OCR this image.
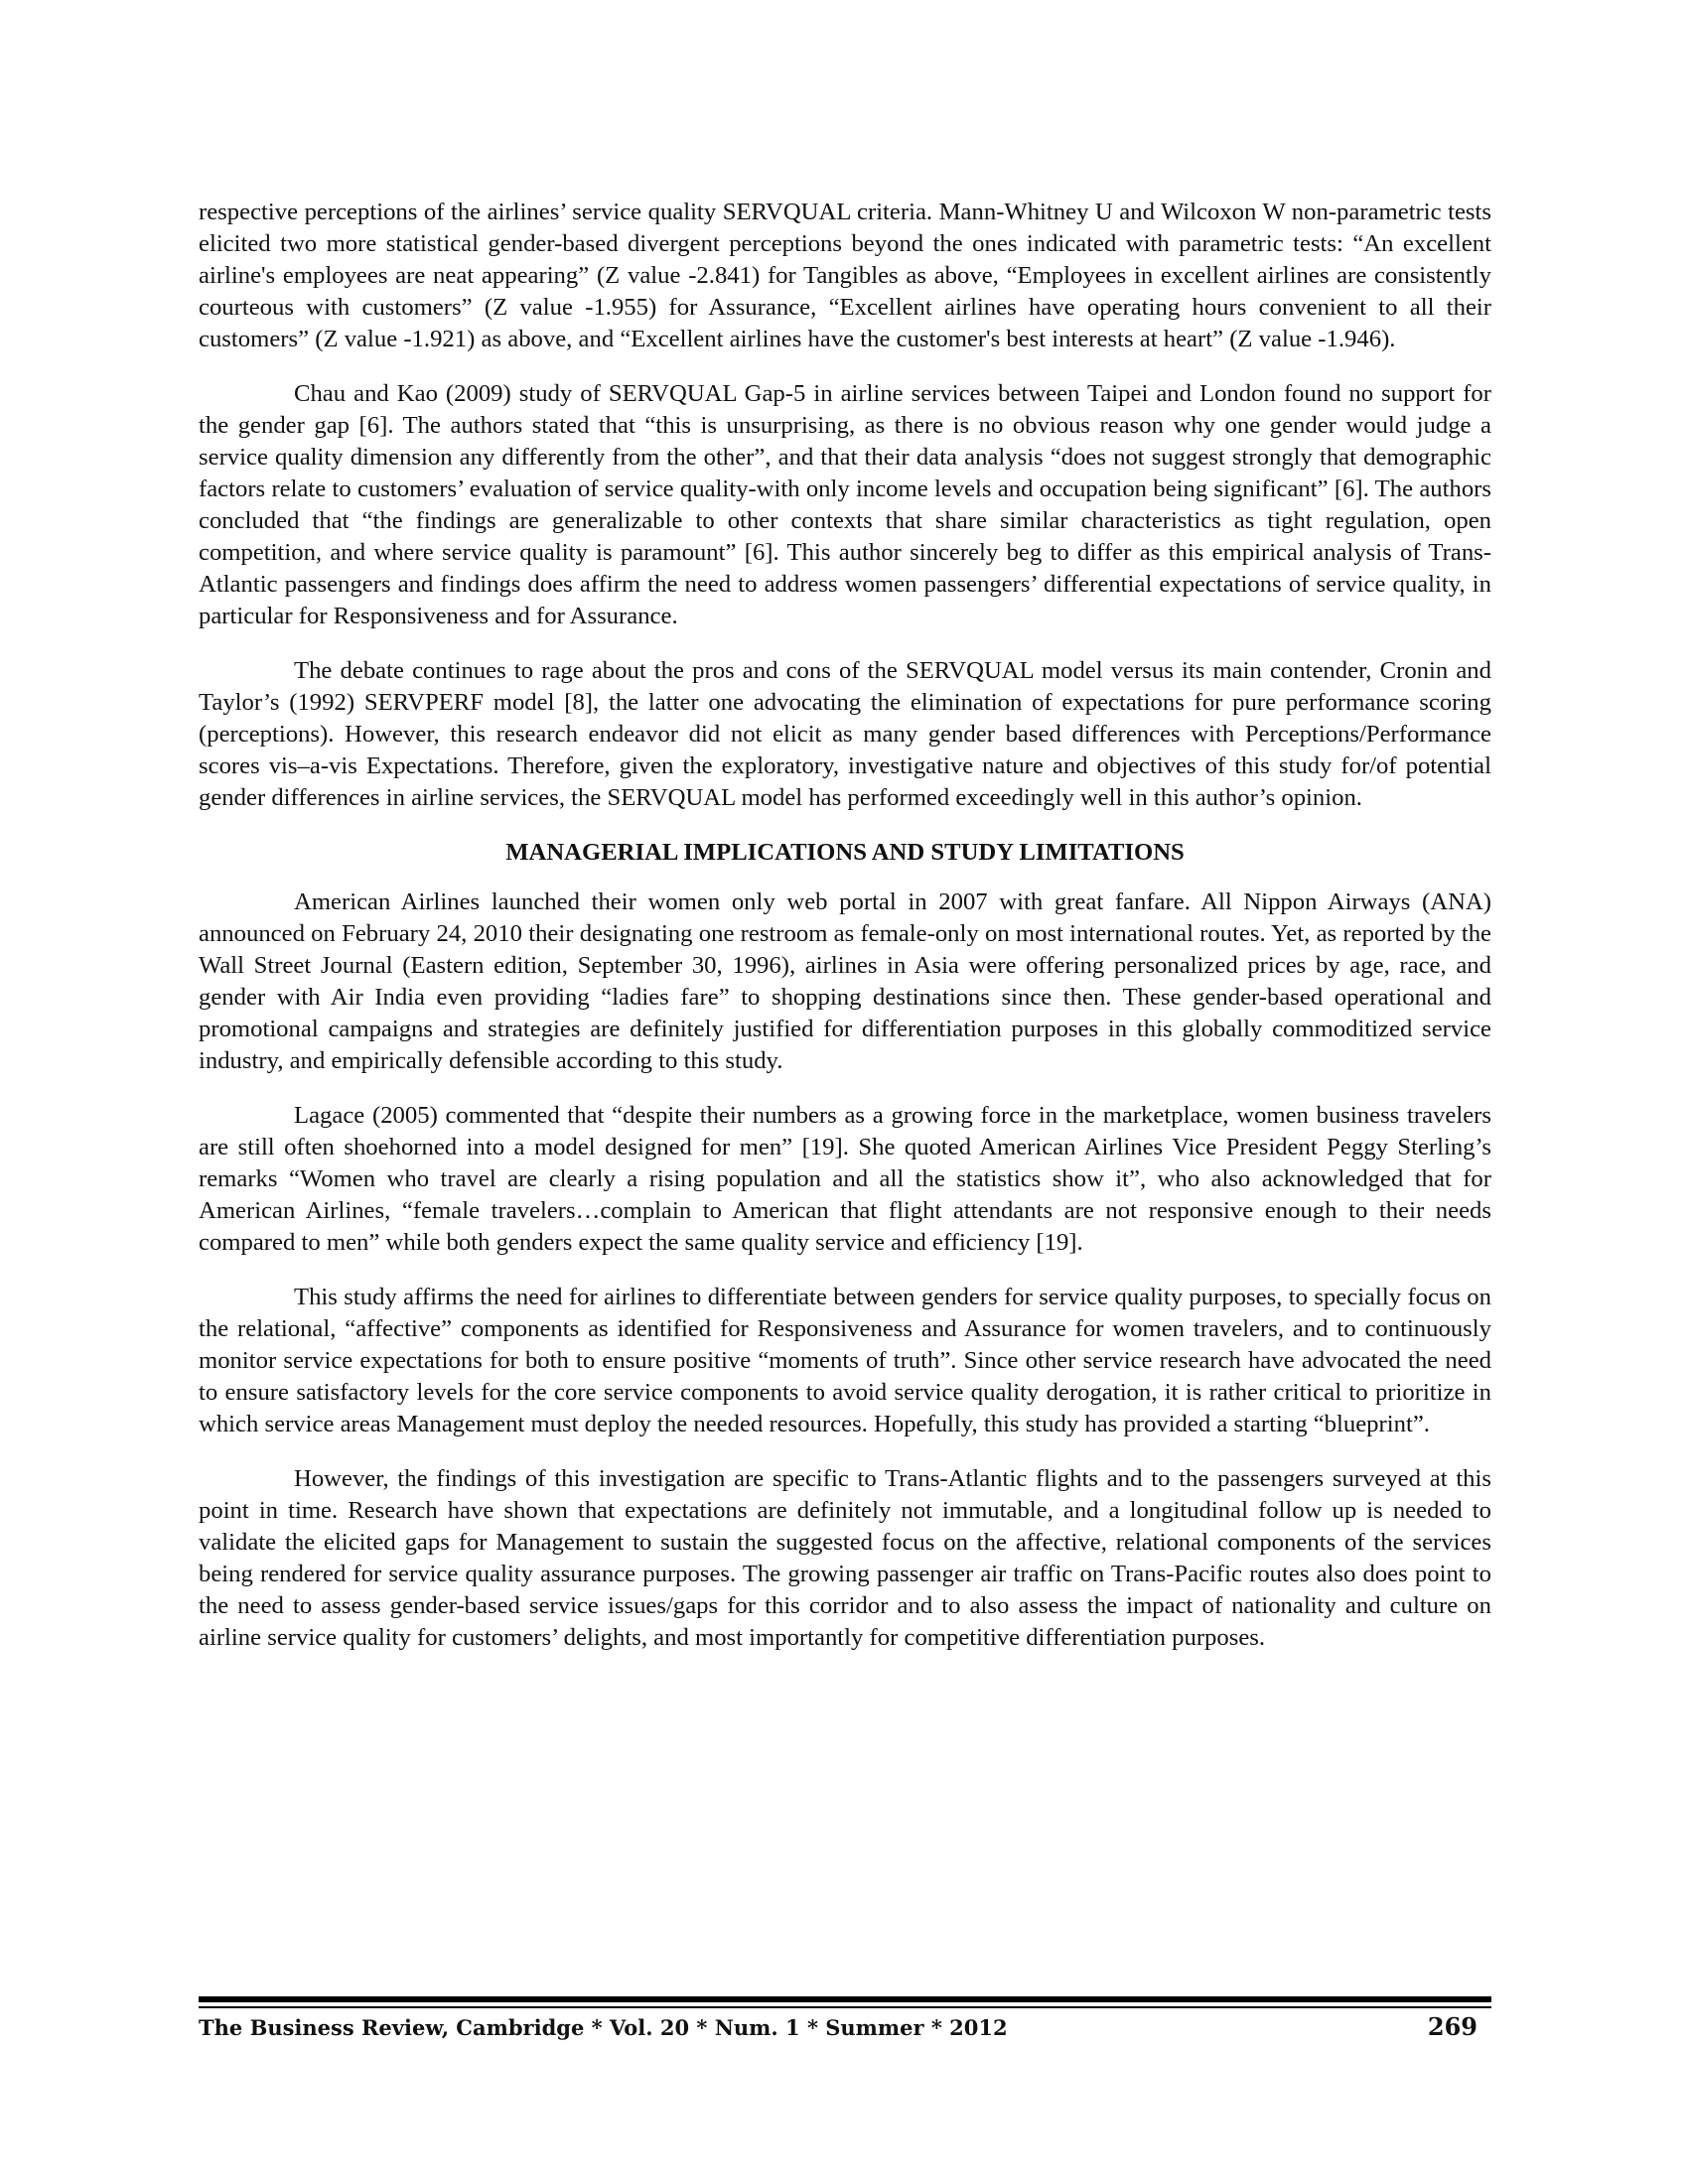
respective perceptions of the airlines’ service quality SERVQUAL criteria. Mann-Whitney U and Wilcoxon W non-parametric tests elicited two more statistical gender-based divergent perceptions beyond the ones indicated with parametric tests: “An excellent airline's employees are neat appearing” (Z value -2.841) for Tangibles as above, “Employees in excellent airlines are consistently courteous with customers” (Z value -1.955) for Assurance, “Excellent airlines have operating hours convenient to all their customers” (Z value -1.921) as above, and “Excellent airlines have the customer's best interests at heart” (Z value -1.946).

Chau and Kao (2009) study of SERVQUAL Gap-5 in airline services between Taipei and London found no support for the gender gap [6]. The authors stated that “this is unsurprising, as there is no obvious reason why one gender would judge a service quality dimension any differently from the other”, and that their data analysis “does not suggest strongly that demographic factors relate to customers’ evaluation of service quality-with only income levels and occupation being significant” [6]. The authors concluded that “the findings are generalizable to other contexts that share similar characteristics as tight regulation, open competition, and where service quality is paramount” [6]. This author sincerely beg to differ as this empirical analysis of Trans-Atlantic passengers and findings does affirm the need to address women passengers’ differential expectations of service quality, in particular for Responsiveness and for Assurance.

The debate continues to rage about the pros and cons of the SERVQUAL model versus its main contender, Cronin and Taylor’s (1992) SERVPERF model [8], the latter one advocating the elimination of expectations for pure performance scoring (perceptions). However, this research endeavor did not elicit as many gender based differences with Perceptions/Performance scores vis–a-vis Expectations. Therefore, given the exploratory, investigative nature and objectives of this study for/of potential gender differences in airline services, the SERVQUAL model has performed exceedingly well in this author’s opinion.

MANAGERIAL IMPLICATIONS AND STUDY LIMITATIONS

American Airlines launched their women only web portal in 2007 with great fanfare. All Nippon Airways (ANA) announced on February 24, 2010 their designating one restroom as female-only on most international routes. Yet, as reported by the Wall Street Journal (Eastern edition, September 30, 1996), airlines in Asia were offering personalized prices by age, race, and gender with Air India even providing “ladies fare” to shopping destinations since then. These gender-based operational and promotional campaigns and strategies are definitely justified for differentiation purposes in this globally commoditized service industry, and empirically defensible according to this study.

Lagace (2005) commented that “despite their numbers as a growing force in the marketplace, women business travelers are still often shoehorned into a model designed for men” [19]. She quoted American Airlines Vice President Peggy Sterling’s remarks “Women who travel are clearly a rising population and all the statistics show it”, who also acknowledged that for American Airlines, “female travelers…complain to American that flight attendants are not responsive enough to their needs compared to men” while both genders expect the same quality service and efficiency [19].

This study affirms the need for airlines to differentiate between genders for service quality purposes, to specially focus on the relational, “affective” components as identified for Responsiveness and Assurance for women travelers, and to continuously monitor service expectations for both to ensure positive “moments of truth”. Since other service research have advocated the need to ensure satisfactory levels for the core service components to avoid service quality derogation, it is rather critical to prioritize in which service areas Management must deploy the needed resources. Hopefully, this study has provided a starting “blueprint”.

However, the findings of this investigation are specific to Trans-Atlantic flights and to the passengers surveyed at this point in time. Research have shown that expectations are definitely not immutable, and a longitudinal follow up is needed to validate the elicited gaps for Management to sustain the suggested focus on the affective, relational components of the services being rendered for service quality assurance purposes. The growing passenger air traffic on Trans-Pacific routes also does point to the need to assess gender-based service issues/gaps for this corridor and to also assess the impact of nationality and culture on airline service quality for customers’ delights, and most importantly for competitive differentiation purposes.

The Business Review, Cambridge * Vol. 20 * Num. 1 * Summer * 2012	269
